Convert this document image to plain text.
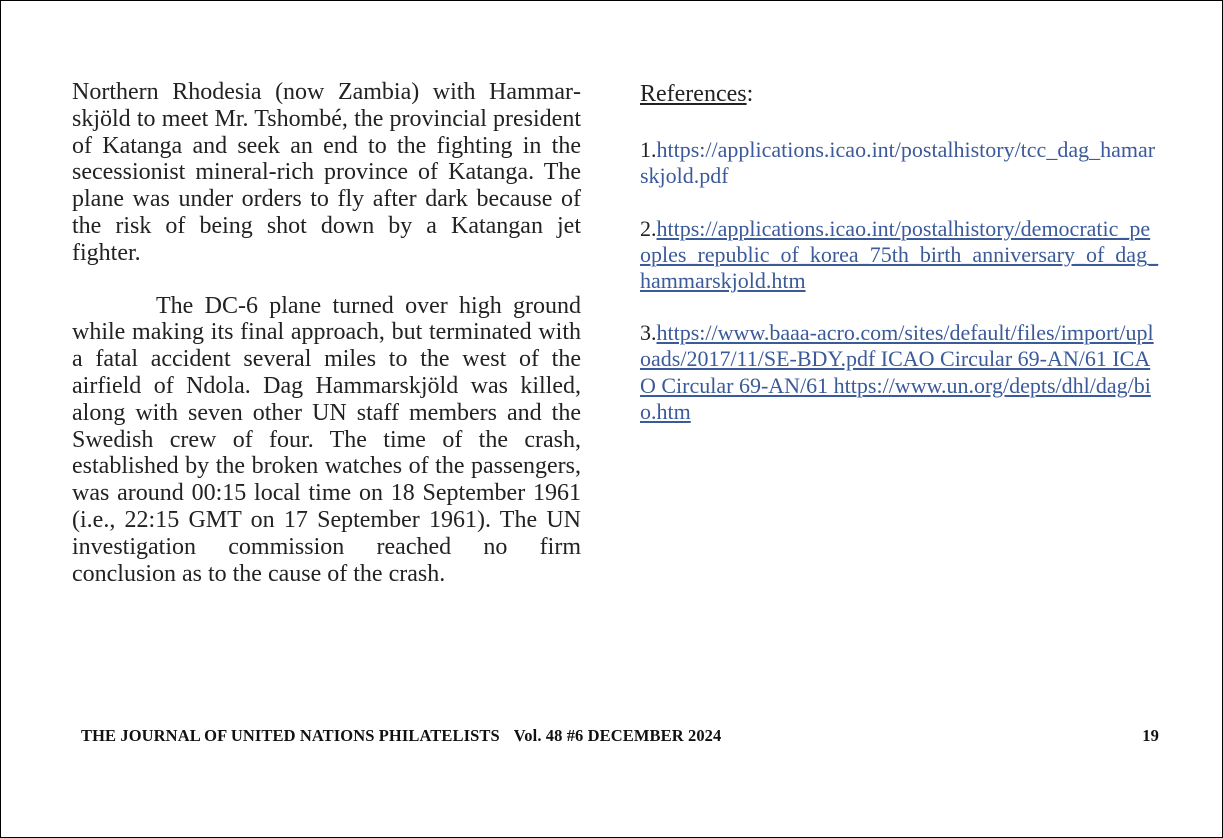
Northern Rhodesia (now Zambia) with Hammarskjöld to meet Mr. Tshombé, the provincial president of Katanga and seek an end to the fighting in the secessionist mineral-rich province of Katanga. The plane was under orders to fly after dark because of the risk of being shot down by a Katangan jet fighter.

The DC-6 plane turned over high ground while making its final approach, but terminated with a fatal accident several miles to the west of the airfield of Ndola. Dag Hammarskjöld was killed, along with seven other UN staff members and the Swedish crew of four. The time of the crash, established by the broken watches of the passengers, was around 00:15 local time on 18 September 1961 (i.e., 22:15 GMT on 17 September 1961). The UN investigation commission reached no firm conclusion as to the cause of the crash.

References:
1.https://applications.icao.int/postalhistory/tcc_dag_hamarskjold.pdf
2.https://applications.icao.int/postalhistory/democratic_peoples_republic_of_korea_75th_birth_anniversary_of_dag_hammarskjold.htm
3.https://www.baaa-acro.com/sites/default/files/import/uploads/2017/11/SE-BDY.pdf ICAO Circular 69-AN/61 ICAO Circular 69-AN/61 https://www.un.org/depts/dhl/dag/bio.htm
THE JOURNAL OF UNITED NATIONS PHILATELISTS Vol. 48 #6 DECEMBER 2024	19
